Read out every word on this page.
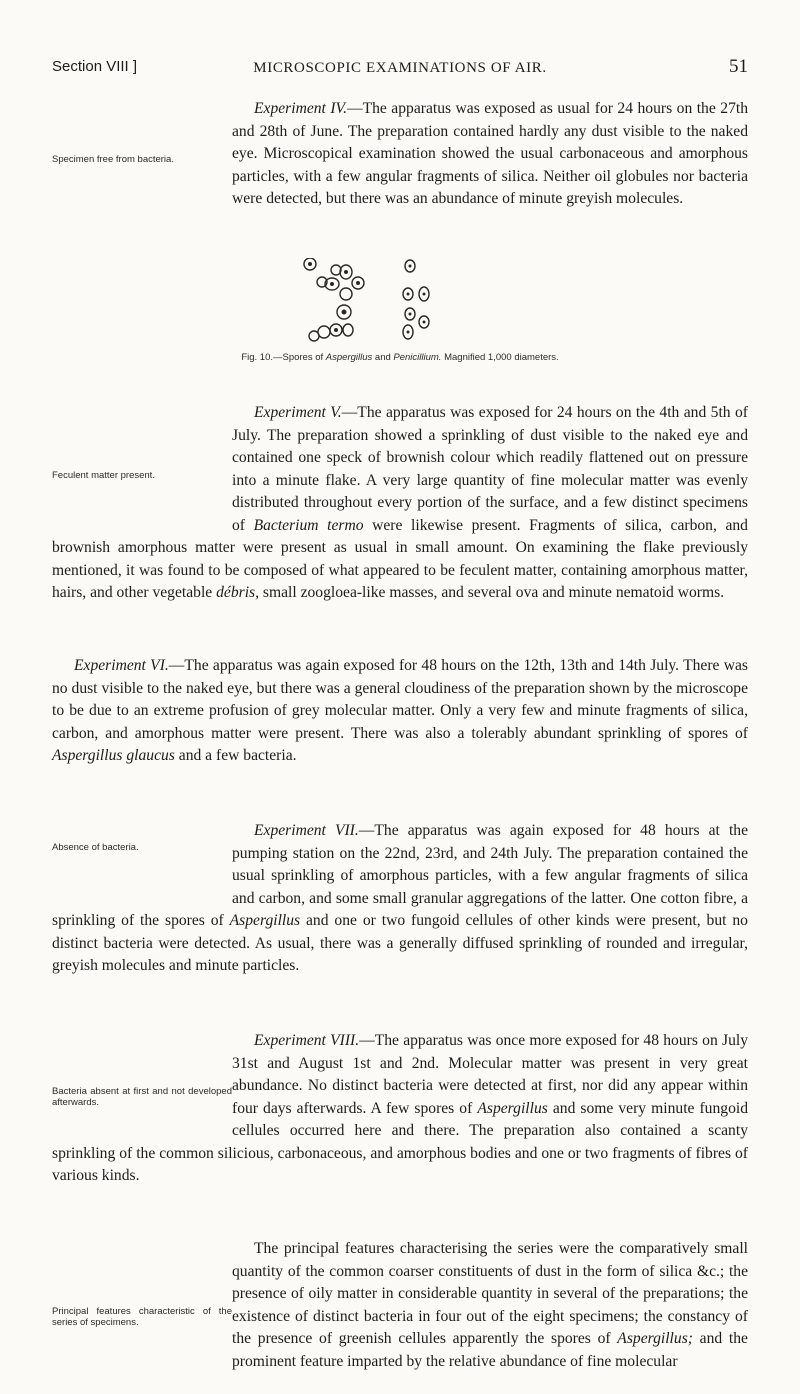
Section VIII ]	MICROSCOPIC EXAMINATIONS OF AIR.	51

Specimen free from bacteria.
Experiment IV.—The apparatus was exposed as usual for 24 hours on the 27th and 28th of June. The preparation contained hardly any dust visible to the naked eye. Microscopical examination showed the usual carbonaceous and amorphous particles, with a few angular fragments of silica. Neither oil globules nor bacteria were detected, but there was an abundance of minute greyish molecules.

Fig. 10.—Spores of Aspergillus and Penicillium. Magnified 1,000 diameters.

Feculent matter present.
Experiment V.—The apparatus was exposed for 24 hours on the 4th and 5th of July. The preparation showed a sprinkling of dust visible to the naked eye and contained one speck of brownish colour which readily flattened out on pressure into a minute flake. A very large quantity of fine molecular matter was evenly distributed throughout every portion of the surface, and a few distinct specimens of Bacterium termo were likewise present. Fragments of silica, carbon, and brownish amorphous matter were present as usual in small amount. On examining the flake previously mentioned, it was found to be composed of what appeared to be feculent matter, containing amorphous matter, hairs, and other vegetable débris, small zoogloea-like masses, and several ova and minute nematoid worms.

Experiment VI.—The apparatus was again exposed for 48 hours on the 12th, 13th and 14th July. There was no dust visible to the naked eye, but there was a general cloudiness of the preparation shown by the microscope to be due to an extreme profusion of grey molecular matter. Only a very few and minute fragments of silica, carbon, and amorphous matter were present. There was also a tolerably abundant sprinkling of spores of Aspergillus glaucus and a few bacteria.

Absence of bacteria.
Experiment VII.—The apparatus was again exposed for 48 hours at the pumping station on the 22nd, 23rd, and 24th July. The preparation contained the usual sprinkling of amorphous particles, with a few angular fragments of silica and carbon, and some small granular aggregations of the latter. One cotton fibre, a sprinkling of the spores of Aspergillus and one or two fungoid cellules of other kinds were present, but no distinct bacteria were detected. As usual, there was a generally diffused sprinkling of rounded and irregular, greyish molecules and minute particles.

Bacteria absent at first and not developed afterwards.
Experiment VIII.—The apparatus was once more exposed for 48 hours on July 31st and August 1st and 2nd. Molecular matter was present in very great abundance. No distinct bacteria were detected at first, nor did any appear within four days afterwards. A few spores of Aspergillus and some very minute fungoid cellules occurred here and there. The preparation also contained a scanty sprinkling of the common silicious, carbonaceous, and amorphous bodies and one or two fragments of fibres of various kinds.

Principal features characteristic of the series of specimens.
The principal features characterising the series were the comparatively small quantity of the common coarser constituents of dust in the form of silica &c.; the presence of oily matter in considerable quantity in several of the preparations; the existence of distinct bacteria in four out of the eight specimens; the constancy of the presence of greenish cellules apparently the spores of Aspergillus; and the prominent feature imparted by the relative abundance of fine molecular
